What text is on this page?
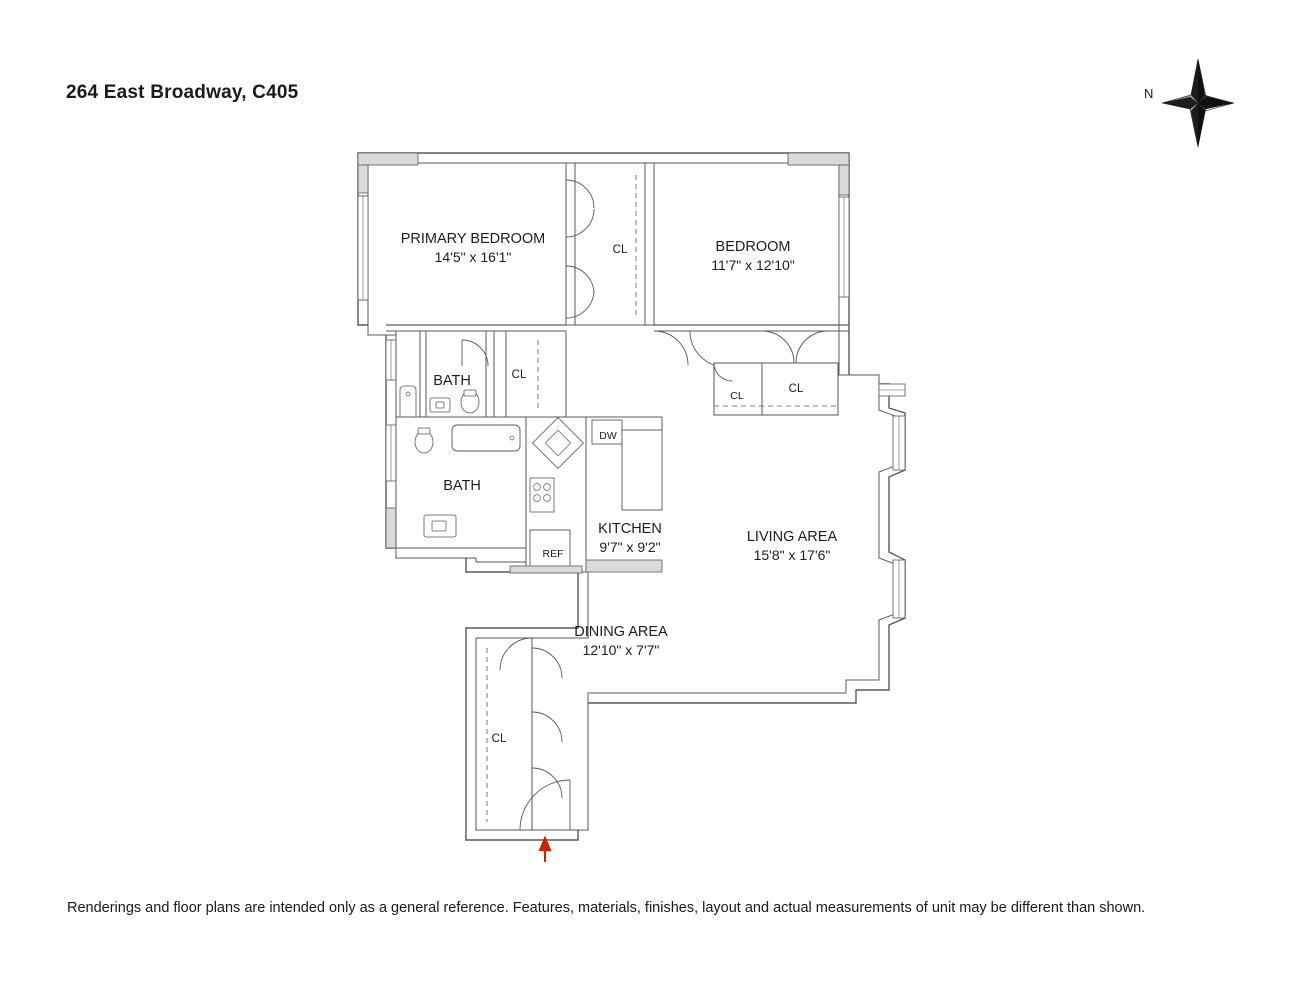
264 East Broadway, C405	N
PRIMARY BEDROOM
14'5" x 16'1"
BEDROOM
11'7" x 12'10"
BATH
BATH
KITCHEN
9'7" x 9'2"
LIVING AREA
15'8" x 17'6"
DINING AREA
12'10" x 7'7"
CL
CL
CL
CL
CL
DW
REF
Renderings and floor plans are intended only as a general reference. Features, materials, finishes, layout and actual measurements of unit may be different than shown.
